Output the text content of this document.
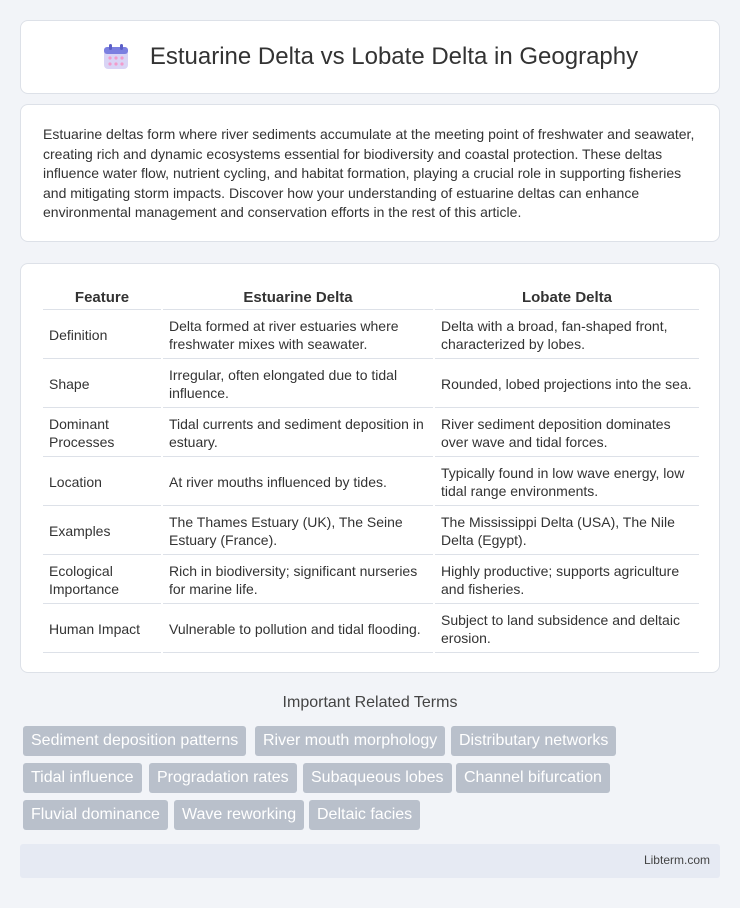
Estuarine Delta vs Lobate Delta in Geography

Estuarine deltas form where river sediments accumulate at the meeting point of freshwater and seawater, creating rich and dynamic ecosystems essential for biodiversity and coastal protection. These deltas influence water flow, nutrient cycling, and habitat formation, playing a crucial role in supporting fisheries and mitigating storm impacts. Discover how your understanding of estuarine deltas can enhance environmental management and conservation efforts in the rest of this article.

Feature	Estuarine Delta	Lobate Delta
Definition	Delta formed at river estuaries where freshwater mixes with seawater.	Delta with a broad, fan-shaped front, characterized by lobes.
Shape	Irregular, often elongated due to tidal influence.	Rounded, lobed projections into the sea.
Dominant Processes	Tidal currents and sediment deposition in estuary.	River sediment deposition dominates over wave and tidal forces.
Location	At river mouths influenced by tides.	Typically found in low wave energy, low tidal range environments.
Examples	The Thames Estuary (UK), The Seine Estuary (France).	The Mississippi Delta (USA), The Nile Delta (Egypt).
Ecological Importance	Rich in biodiversity; significant nurseries for marine life.	Highly productive; supports agriculture and fisheries.
Human Impact	Vulnerable to pollution and tidal flooding.	Subject to land subsidence and deltaic erosion.
Important Related Terms
Sediment deposition patterns	River mouth morphology	Distributary networks
Tidal influence	Progradation rates	Subaqueous lobes	Channel bifurcation
Fluvial dominance	Wave reworking	Deltaic facies
Libterm.com
